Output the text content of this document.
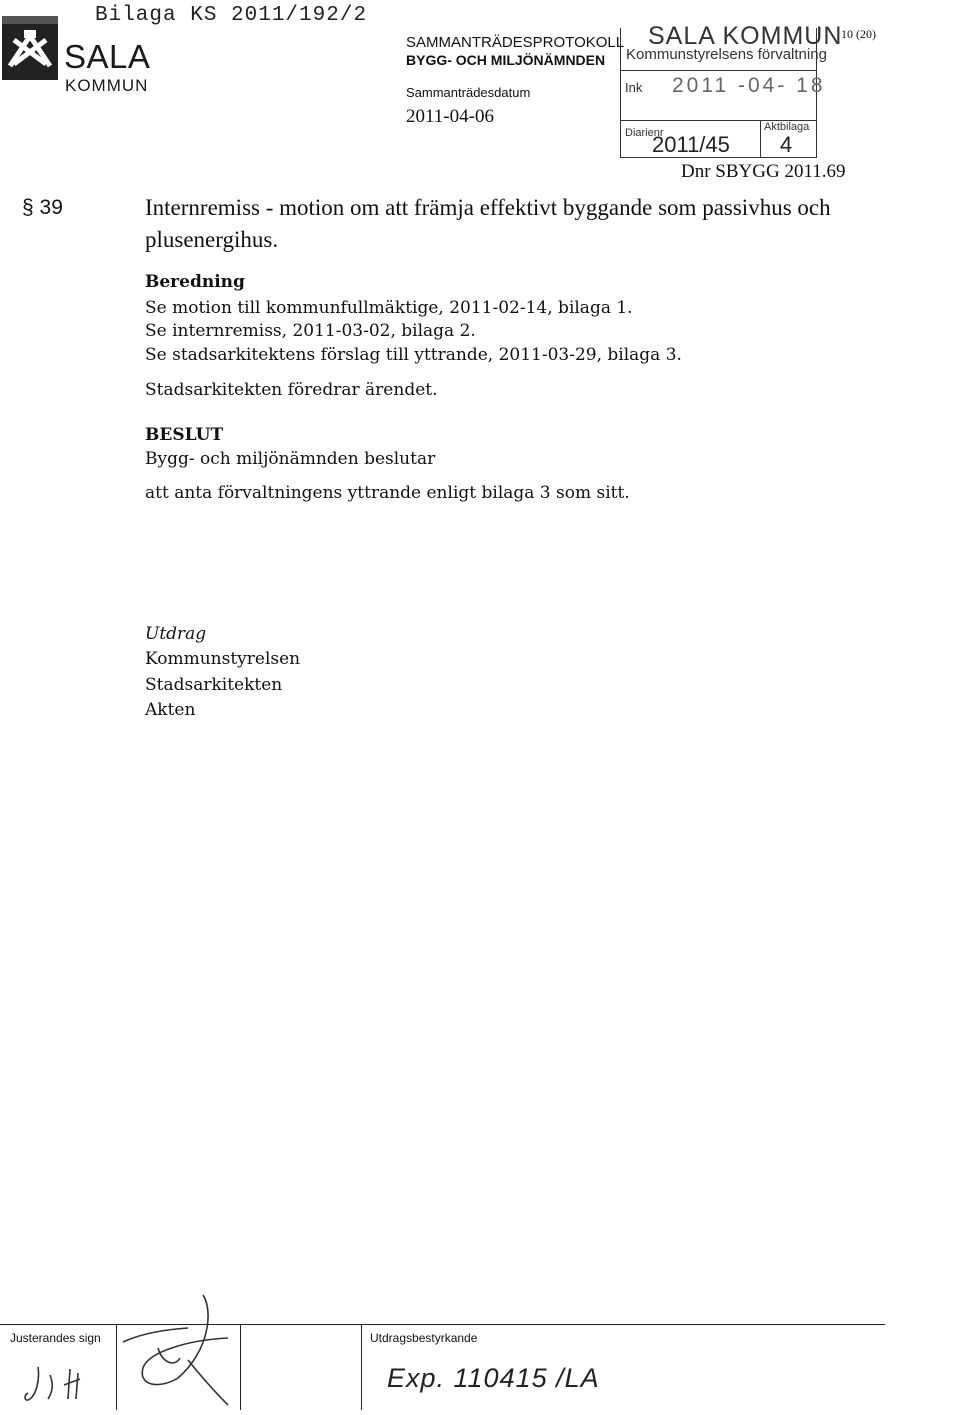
Bilaga KS 2011/192/2
SALA
KOMMUN
SAMMANTRÄDESPROTOKOLL
BYGG- OCH MILJÖNÄMNDEN
Sammanträdesdatum
2011-04-06
SALA KOMMUN
Kommunstyrelsens förvaltning
Ink 2011 -04- 18
Diarienr
2011/45
Aktbilaga
4
10 (20)
Dnr SBYGG 2011.69
§ 39	Internremiss - motion om att främja effektivt byggande som passivhus och plusenergihus.
Beredning
Se motion till kommunfullmäktige, 2011-02-14, bilaga 1.
Se internremiss, 2011-03-02, bilaga 2.
Se stadsarkitektens förslag till yttrande, 2011-03-29, bilaga 3.
Stadsarkitekten föredrar ärendet.
BESLUT
Bygg- och miljönämnden beslutar
att anta förvaltningens yttrande enligt bilaga 3 som sitt.
Utdrag
Kommunstyrelsen
Stadsarkitekten
Akten
Justerandes sign	Utdragsbestyrkande
Exp. 110415 /LA
